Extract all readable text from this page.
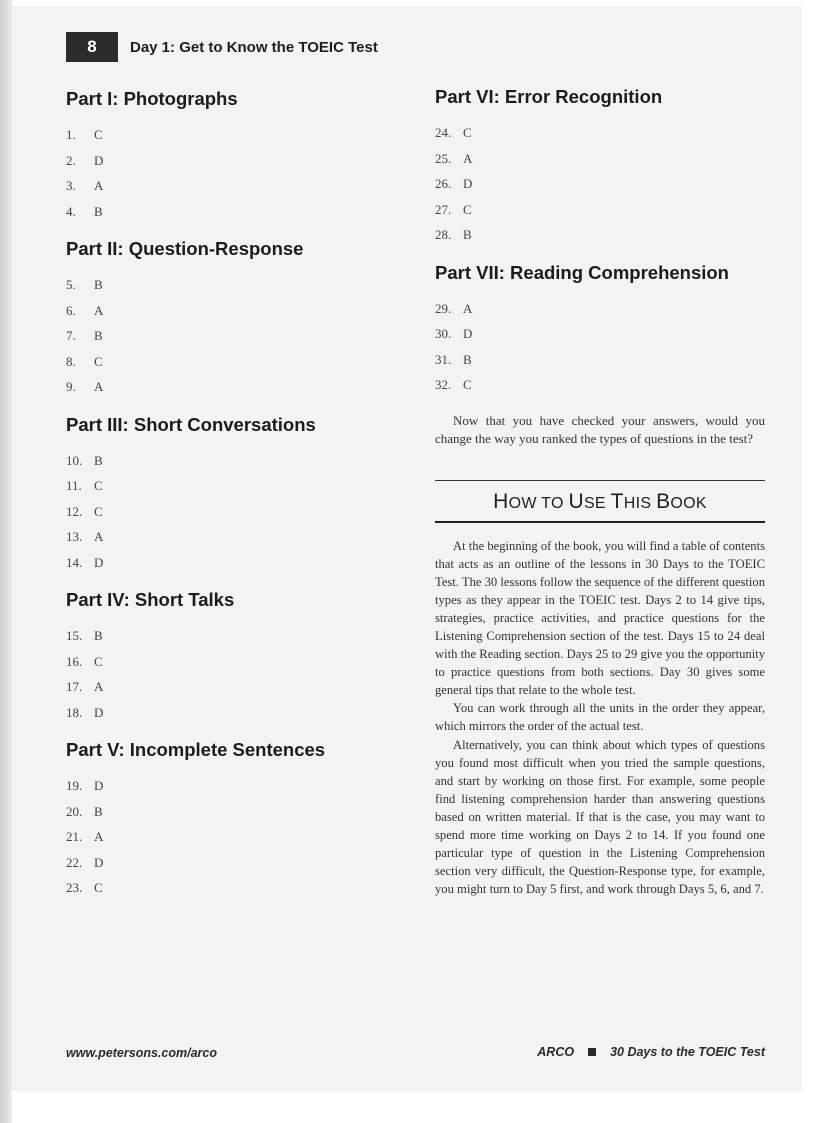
8	Day 1: Get to Know the TOEIC Test
Part I: Photographs
1. C
2. D
3. A
4. B
Part II: Question-Response
5. B
6. A
7. B
8. C
9. A
Part III: Short Conversations
10. B
11. C
12. C
13. A
14. D
Part IV: Short Talks
15. B
16. C
17. A
18. D
Part V: Incomplete Sentences
19. D
20. B
21. A
22. D
23. C
Part VI: Error Recognition
24. C
25. A
26. D
27. C
28. B
Part VII: Reading Comprehension
29. A
30. D
31. B
32. C

Now that you have checked your answers, would you change the way you ranked the types of questions in the test?

HOW TO USE THIS BOOK

At the beginning of the book, you will find a table of contents that acts as an outline of the lessons in 30 Days to the TOEIC Test. The 30 lessons follow the sequence of the different question types as they appear in the TOEIC test. Days 2 to 14 give tips, strategies, practice activities, and practice questions for the Listening Comprehension section of the test. Days 15 to 24 deal with the Reading section. Days 25 to 29 give you the opportunity to practice questions from both sections. Day 30 gives some general tips that relate to the whole test.

You can work through all the units in the order they appear, which mirrors the order of the actual test.

Alternatively, you can think about which types of questions you found most difficult when you tried the sample questions, and start by working on those first. For example, some people find listening comprehension harder than answering questions based on written material. If that is the case, you may want to spend more time working on Days 2 to 14. If you found one particular type of question in the Listening Comprehension section very difficult, the Question-Response type, for example, you might turn to Day 5 first, and work through Days 5, 6, and 7.

www.petersons.com/arco	ARCO	30 Days to the TOEIC Test
